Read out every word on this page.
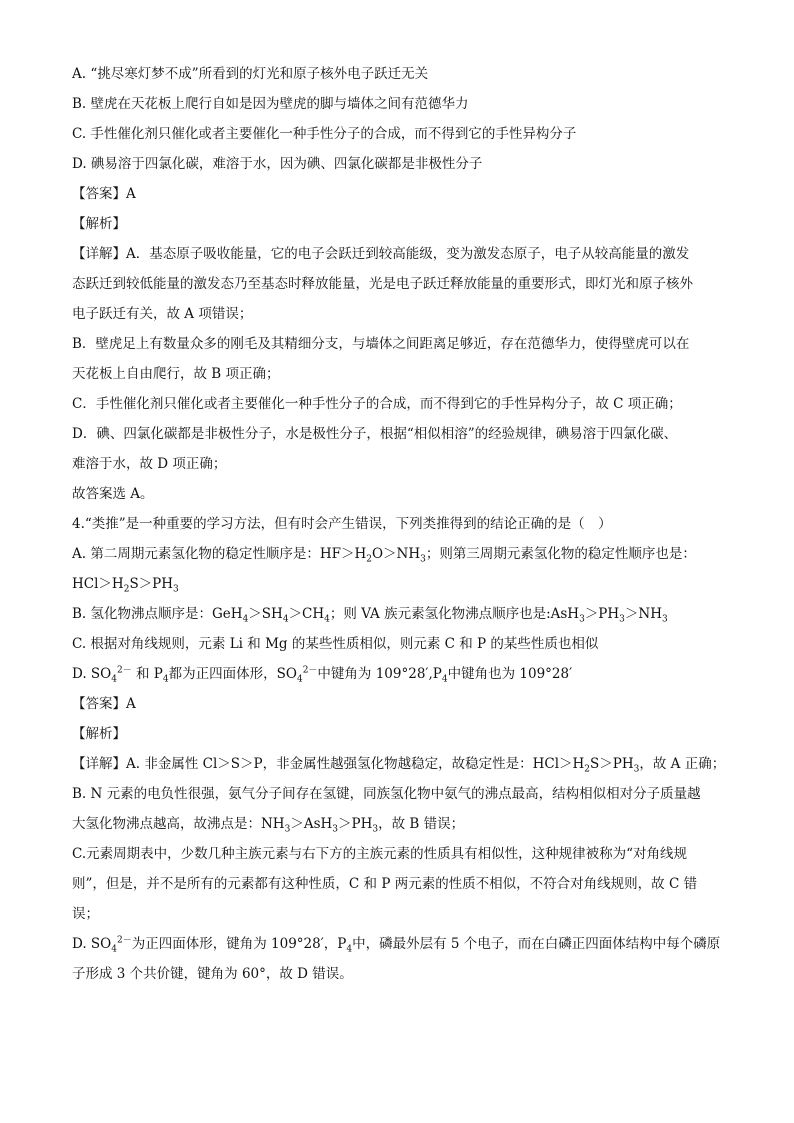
A. “挑尽寒灯梦不成”所看到的灯光和原子核外电子跃迁无关
B. 壁虎在天花板上爬行自如是因为壁虎的脚与墙体之间有范德华力
C. 手性催化剂只催化或者主要催化一种手性分子的合成，而不得到它的手性异构分子
D. 碘易溶于四氯化碳，难溶于水，因为碘、四氯化碳都是非极性分子
【答案】A
【解析】
【详解】A．基态原子吸收能量，它的电子会跃迁到较高能级，变为激发态原子，电子从较高能量的激发
态跃迁到较低能量的激发态乃至基态时释放能量，光是电子跃迁释放能量的重要形式，即灯光和原子核外
电子跃迁有关，故 A 项错误；
B．壁虎足上有数量众多的刚毛及其精细分支，与墙体之间距离足够近，存在范德华力，使得壁虎可以在
天花板上自由爬行，故 B 项正确；
C．手性催化剂只催化或者主要催化一种手性分子的合成，而不得到它的手性异构分子，故 C 项正确；
D．碘、四氯化碳都是非极性分子，水是极性分子，根据“相似相溶”的经验规律，碘易溶于四氯化碳、
难溶于水，故 D 项正确；
故答案选 A。
4.“类推”是一种重要的学习方法，但有时会产生错误，下列类推得到的结论正确的是（　）
A. 第二周期元素氢化物的稳定性顺序是：$HF>H_2O>NH_3$；则第三周期元素氢化物的稳定性顺序也是：
$HCl>H_2S>PH_3$
B. 氢化物沸点顺序是：$GeH_4>SH_4>CH_4$；则 VA 族元素氢化物沸点顺序也是$:AsH_3>PH_3>NH_3$
C. 根据对角线规则，元素 Li 和 Mg 的某些性质相似，则元素 C 和 P 的某些性质也相似
D. $SO_4^{2-}$ 和 $P_4$都为正四面体形，$SO_4^{2-}$中键角为 $109^\circ 28',P_4$中键角也为 109°28′
【答案】A
【解析】
【详解】A. 非金属性 Cl＞S＞P，非金属性越强氢化物越稳定，故稳定性是：$HCl>H_2S>PH_3$，故 A 正确；
B. N 元素的电负性很强，氨气分子间存在氢键，同族氢化物中氨气的沸点最高，结构相似相对分子质量越
大氢化物沸点越高，故沸点是：$NH_3>AsH_3>PH_3$，故 B 错误；
C.元素周期表中，少数几种主族元素与右下方的主族元素的性质具有相似性，这种规律被称为“对角线规
则”，但是，并不是所有的元素都有这种性质，C 和 P 两元素的性质不相似，不符合对角线规则，故 C 错
误；
D. $SO_4^{2-}$为正四面体形，键角为 109°28′，$P_4$中，磷最外层有 5 个电子，而在白磷正四面体结构中每个磷原
子形成 3 个共价键，键角为 60°，故 D 错误。
